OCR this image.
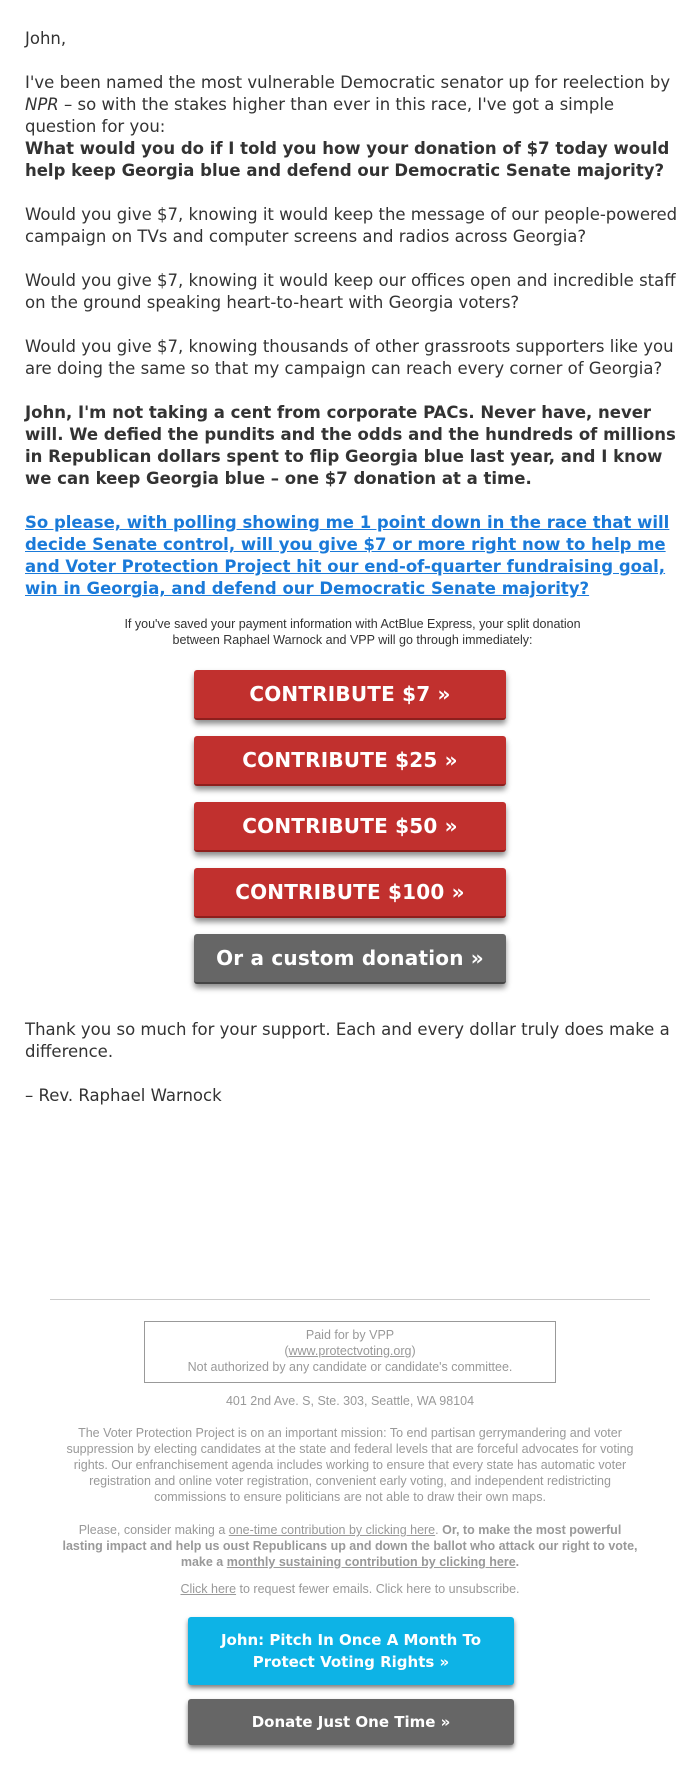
John,

I've been named the most vulnerable Democratic senator up for reelection by NPR – so with the stakes higher than ever in this race, I've got a simple question for you:

What would you do if I told you how your donation of $7 today would help keep Georgia blue and defend our Democratic Senate majority?

Would you give $7, knowing it would keep the message of our people-powered campaign on TVs and computer screens and radios across Georgia?

Would you give $7, knowing it would keep our offices open and incredible staff on the ground speaking heart-to-heart with Georgia voters?

Would you give $7, knowing thousands of other grassroots supporters like you are doing the same so that my campaign can reach every corner of Georgia?

John, I'm not taking a cent from corporate PACs. Never have, never will. We defied the pundits and the odds and the hundreds of millions in Republican dollars spent to flip Georgia blue last year, and I know we can keep Georgia blue – one $7 donation at a time.

So please, with polling showing me 1 point down in the race that will decide Senate control, will you give $7 or more right now to help me and Voter Protection Project hit our end-of-quarter fundraising goal, win in Georgia, and defend our Democratic Senate majority?

If you've saved your payment information with ActBlue Express, your split donation between Raphael Warnock and VPP will go through immediately:

Thank you so much for your support. Each and every dollar truly does make a difference.

– Rev. Raphael Warnock

CONTRIBUTE $7 »
CONTRIBUTE $25 »
CONTRIBUTE $50 »
CONTRIBUTE $100 »
Or a custom donation »
Paid for by VPP
(www.protectvoting.org)
Not authorized by any candidate or candidate's committee.
401 2nd Ave. S, Ste. 303, Seattle, WA 98104
The Voter Protection Project is on an important mission: To end partisan gerrymandering and voter suppression by electing candidates at the state and federal levels that are forceful advocates for voting rights. Our enfranchisement agenda includes working to ensure that every state has automatic voter registration and online voter registration, convenient early voting, and independent redistricting commissions to ensure politicians are not able to draw their own maps.
Please, consider making a one-time contribution by clicking here. Or, to make the most powerful lasting impact and help us oust Republicans up and down the ballot who attack our right to vote, make a monthly sustaining contribution by clicking here.
Click here to request fewer emails. Click here to unsubscribe.
John: Pitch In Once A Month To Protect Voting Rights »
Donate Just One Time »
